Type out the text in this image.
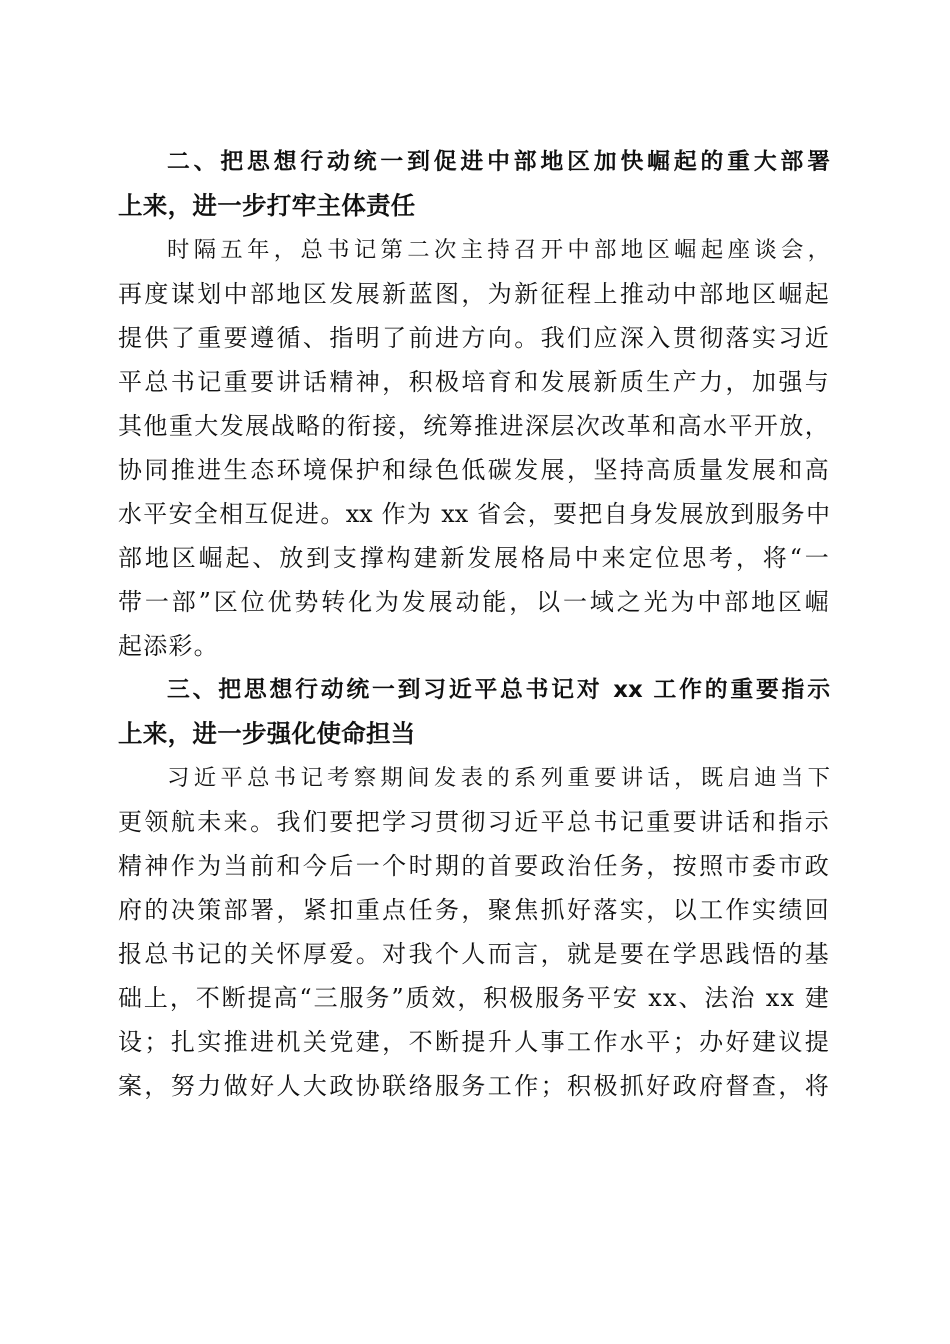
二、把思想行动统一到促进中部地区加快崛起的重大部署
上来，进一步打牢主体责任
时隔五年，总书记第二次主持召开中部地区崛起座谈会，
再度谋划中部地区发展新蓝图，为新征程上推动中部地区崛起
提供了重要遵循、指明了前进方向。我们应深入贯彻落实习近
平总书记重要讲话精神，积极培育和发展新质生产力，加强与
其他重大发展战略的衔接，统筹推进深层次改革和高水平开放，
协同推进生态环境保护和绿色低碳发展，坚持高质量发展和高
水平安全相互促进。xx 作为 xx 省会，要把自身发展放到服务中
部地区崛起、放到支撑构建新发展格局中来定位思考，将“一
带一部”区位优势转化为发展动能，以一域之光为中部地区崛
起添彩。
三、把思想行动统一到习近平总书记对 xx 工作的重要指示
上来，进一步强化使命担当
习近平总书记考察期间发表的系列重要讲话，既启迪当下
更领航未来。我们要把学习贯彻习近平总书记重要讲话和指示
精神作为当前和今后一个时期的首要政治任务，按照市委市政
府的决策部署，紧扣重点任务，聚焦抓好落实，以工作实绩回
报总书记的关怀厚爱。对我个人而言，就是要在学思践悟的基
础上，不断提高“三服务”质效，积极服务平安 xx、法治 xx 建
设；扎实推进机关党建，不断提升人事工作水平；办好建议提
案，努力做好人大政协联络服务工作；积极抓好政府督查，将
